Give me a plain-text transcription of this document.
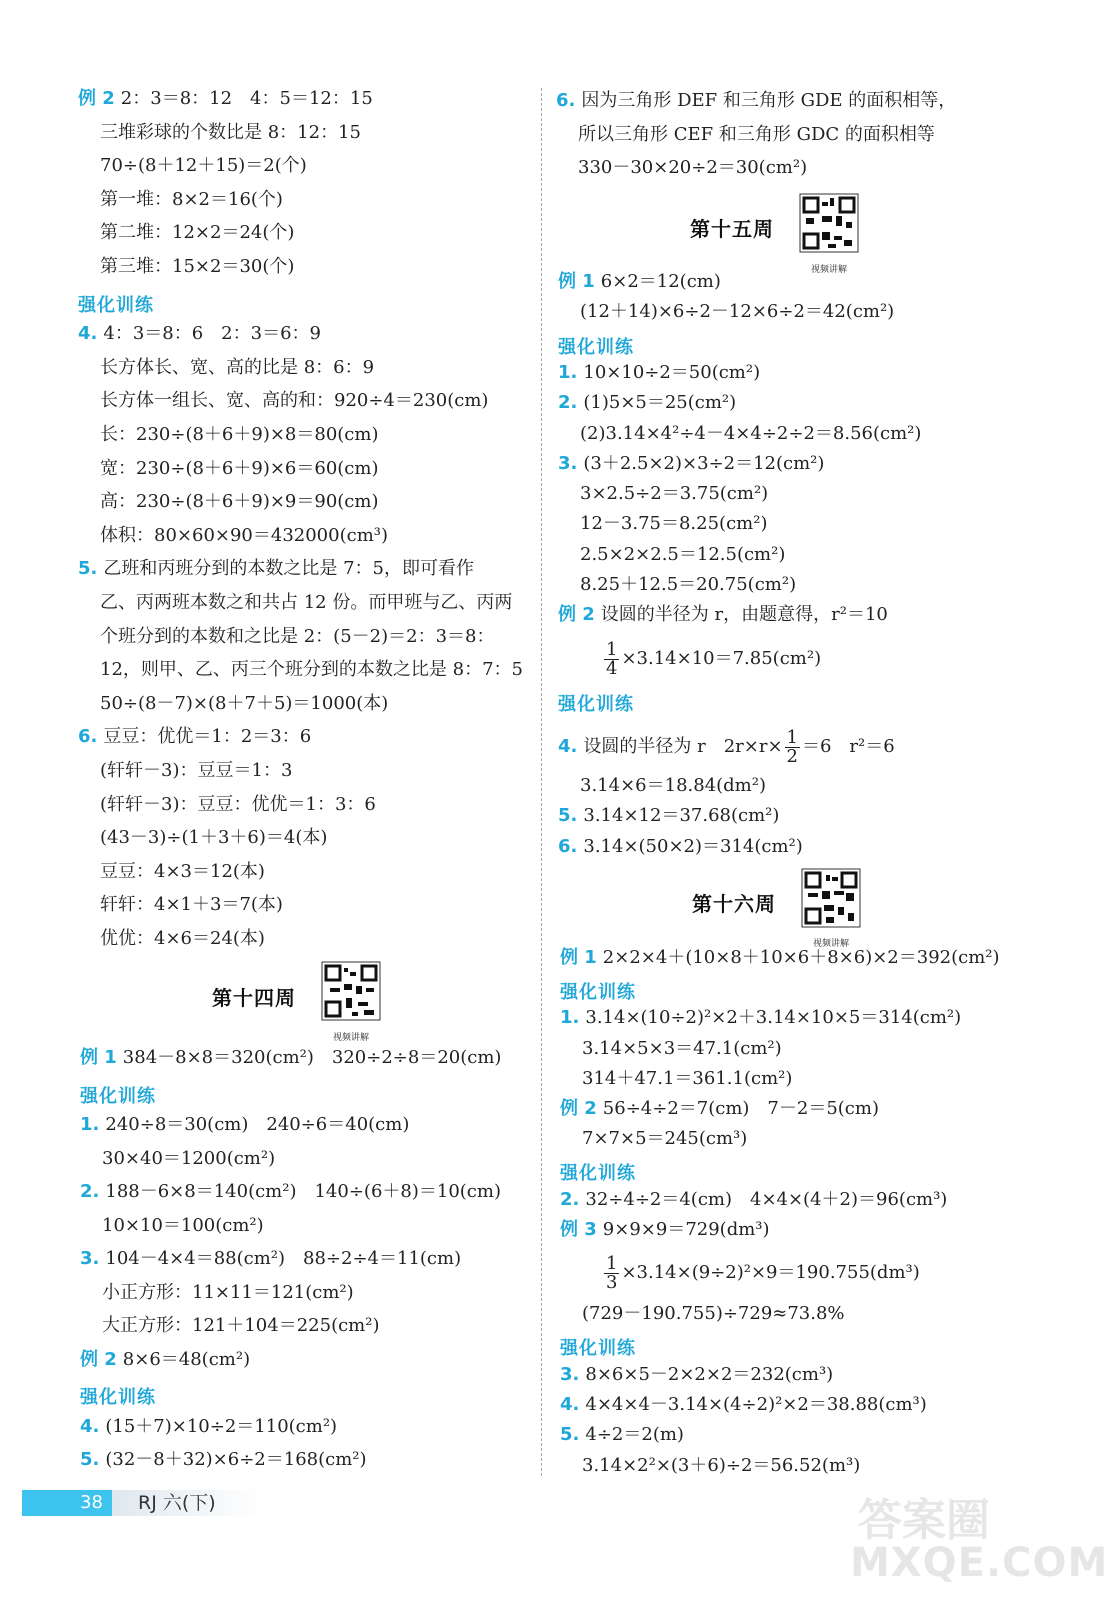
例 2 2：3＝8：12　4：5＝12：15
三堆彩球的个数比是 8：12：15
70÷(8＋12＋15)＝2(个)
第一堆：8×2＝16(个)
第二堆：12×2＝24(个)
第三堆：15×2＝30(个)
强化训练
4. 4：3＝8：6　2：3＝6：9
长方体长、宽、高的比是 8：6：9
长方体一组长、宽、高的和：920÷4＝230(cm)
长：230÷(8＋6＋9)×8＝80(cm)
宽：230÷(8＋6＋9)×6＝60(cm)
高：230÷(8＋6＋9)×9＝90(cm)
体积：80×60×90＝432000(cm³)
5. 乙班和丙班分到的本数之比是 7：5，即可看作
乙、丙两班本数之和共占 12 份。而甲班与乙、丙两
个班分到的本数和之比是 2：(5－2)＝2：3＝8：
12，则甲、乙、丙三个班分到的本数之比是 8：7：5
50÷(8－7)×(8＋7＋5)＝1000(本)
6. 豆豆：优优＝1：2＝3：6
(轩轩－3)：豆豆＝1：3
(轩轩－3)：豆豆：优优＝1：3：6
(43－3)÷(1＋3＋6)＝4(本)
豆豆：4×3＝12(本)
轩轩：4×1＋3＝7(本)
优优：4×6＝24(本)
第十四周
视频讲解
例 1 384－8×8＝320(cm²)　320÷2÷8＝20(cm)
强化训练
1. 240÷8＝30(cm)　240÷6＝40(cm)
30×40＝1200(cm²)
2. 188－6×8＝140(cm²)　140÷(6＋8)＝10(cm)
10×10＝100(cm²)
3. 104－4×4＝88(cm²)　88÷2÷4＝11(cm)
小正方形：11×11＝121(cm²)
大正方形：121＋104＝225(cm²)
例 2 8×6＝48(cm²)
强化训练
4. (15＋7)×10÷2＝110(cm²)
5. (32－8＋32)×6÷2＝168(cm²)
6. 因为三角形 DEF 和三角形 GDE 的面积相等，
所以三角形 CEF 和三角形 GDC 的面积相等
330－30×20÷2＝30(cm²)
第十五周
视频讲解
例 1 6×2＝12(cm)
(12＋14)×6÷2－12×6÷2＝42(cm²)
强化训练
1. 10×10÷2＝50(cm²)
2. (1)5×5＝25(cm²)
(2)3.14×4²÷4－4×4÷2÷2＝8.56(cm²)
3. (3＋2.5×2)×3÷2＝12(cm²)
3×2.5÷2＝3.75(cm²)
12－3.75＝8.25(cm²)
2.5×2×2.5＝12.5(cm²)
8.25＋12.5＝20.75(cm²)
例 2 设圆的半径为 r，由题意得，r²＝10
$\frac{1}{4} \times 3.14\times 10=7.85(cm^2)$
强化训练
4. 设圆的半径为 r　$2r\times r\times \frac{1}{2} =6$　r²＝6
3.14×6＝18.84(dm²)
5. 3.14×12＝37.68(cm²)
6. 3.14×(50×2)＝314(cm²)
第十六周
视频讲解
例 1 2×2×4＋(10×8＋10×6＋8×6)×2＝392(cm²)
强化训练
1. 3.14×(10÷2)²×2＋3.14×10×5＝314(cm²)
3.14×5×3＝47.1(cm²)
314＋47.1＝361.1(cm²)
例 2 56÷4÷2＝7(cm)　7－2＝5(cm)
7×7×5＝245(cm³)
强化训练
2. 32÷4÷2＝4(cm)　4×4×(4＋2)＝96(cm³)
例 3 9×9×9＝729(dm³)
$\frac{1}{3} \times 3.14\times(9\div 2)^2\times 9=190.755(dm^3)$
(729－190.755)÷729≈73.8%
强化训练
3. 8×6×5－2×2×2＝232(cm³)
4. 4×4×4－3.14×(4÷2)²×2＝38.88(cm³)
5. 4÷2＝2(m)
3.14×2²×(3＋6)÷2＝56.52(m³)
38 RJ 六(下)	答案圈
MXQE.COM
